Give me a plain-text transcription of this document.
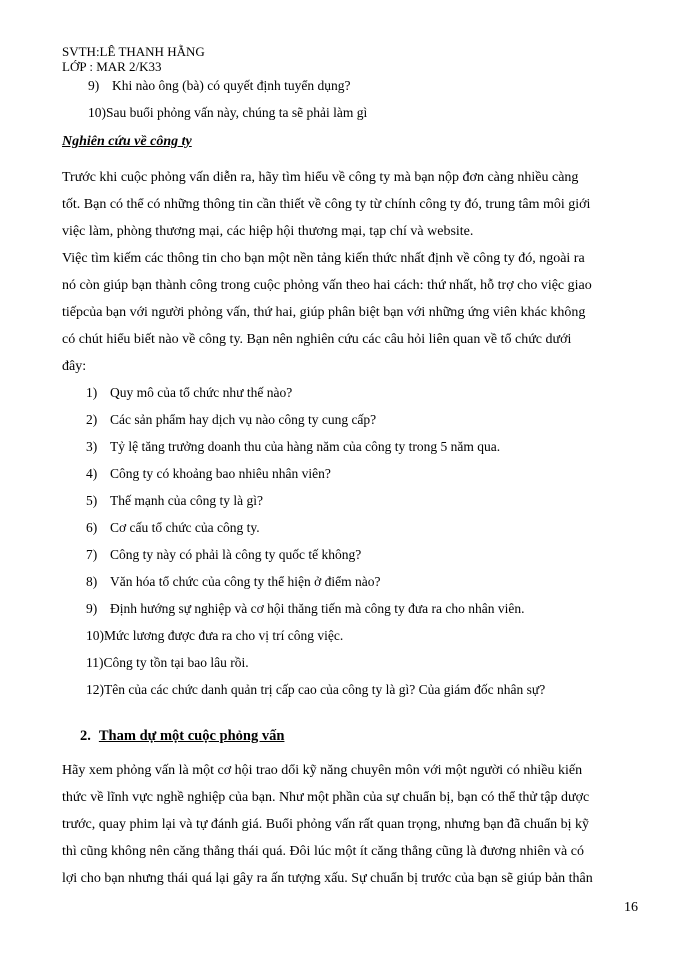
SVTH:LÊ THANH HẰNG
LỚP : MAR 2/K33
9) Khi nào ông (bà) có quyết định tuyển dụng?
10)Sau buổi phỏng vấn này, chúng ta sẽ phải làm gì
Nghiên cứu về công ty
Trước khi cuộc phỏng vấn diễn ra, hãy tìm hiểu về công ty mà bạn nộp đơn càng nhiều càng
tốt. Bạn có thể có những thông tin cần thiết về công ty từ chính công ty đó, trung tâm môi giới
việc làm, phòng thương mại, các hiệp hội thương mại, tạp chí và website.
Việc tìm kiếm các thông tin cho bạn một nền tảng kiến thức nhất định về công ty đó, ngoài ra
nó còn giúp bạn thành công trong cuộc phỏng vấn theo hai cách: thứ nhất, hỗ trợ cho việc giao
tiếpcủa bạn với người phỏng vấn, thứ hai, giúp phân biệt bạn với những ứng viên khác không
có chút hiểu biết nào về công ty. Bạn nên nghiên cứu các câu hỏi liên quan về tổ chức dưới
đây:
1) Quy mô của tổ chức như thế nào?
2) Các sản phẩm hay dịch vụ nào công ty cung cấp?
3) Tỷ lệ tăng trưởng doanh thu của hàng năm của công ty trong 5 năm qua.
4) Công ty có khoảng bao nhiêu nhân viên?
5) Thế mạnh của công ty là gì?
6) Cơ cấu tổ chức của công ty.
7) Công ty này có phải là công ty quốc tế không?
8) Văn hóa tổ chức của công ty thể hiện ở điểm nào?
9) Định hướng sự nghiệp và cơ hội thăng tiến mà công ty đưa ra cho nhân viên.
10)Mức lương được đưa ra cho vị trí công việc.
11)Công ty tồn tại bao lâu rồi.
12)Tên của các chức danh quản trị cấp cao của công ty là gì? Của giám đốc nhân sự?
2. Tham dự một cuộc phỏng vấn
Hãy xem phỏng vấn là một cơ hội trao dổi kỹ năng chuyên môn với một người có nhiều kiến
thức về lĩnh vực nghề nghiệp của bạn. Như một phần của sự chuẩn bị, bạn có thể thử tập dược
trước, quay phim lại và tự đánh giá. Buổi phỏng vấn rất quan trọng, nhưng bạn đã chuẩn bị kỹ
thì cũng không nên căng thẳng thái quá. Đôi lúc một ít căng thẳng cũng là đương nhiên và có
lợi cho bạn nhưng thái quá lại gây ra ấn tượng xấu. Sự chuẩn bị trước của bạn sẽ giúp bản thân
16
